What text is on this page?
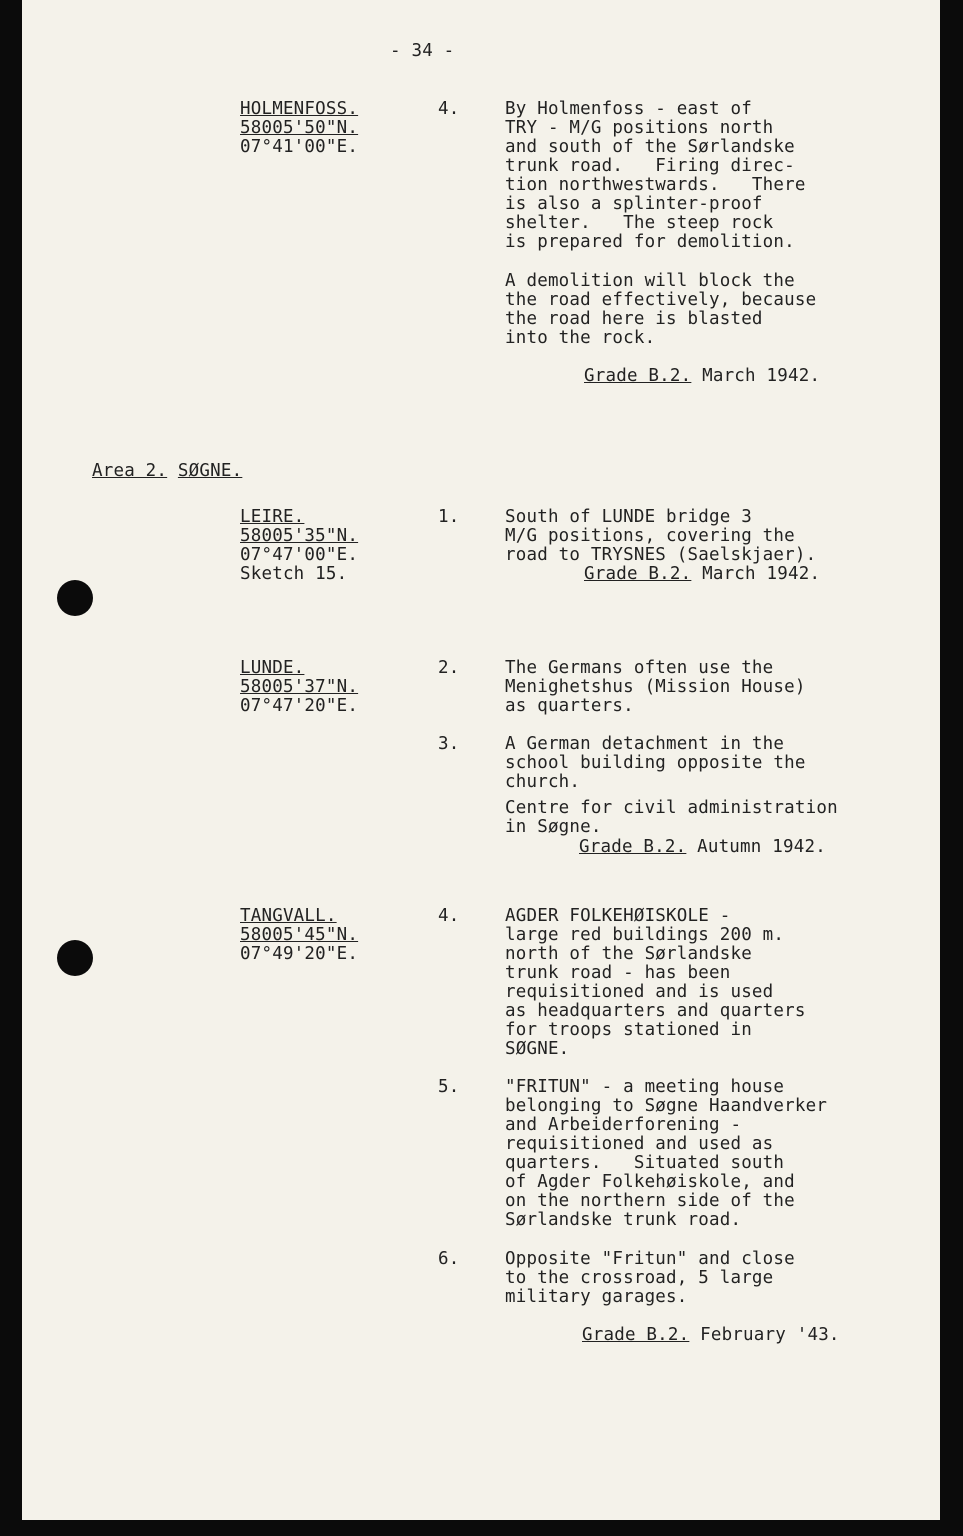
- 34 -
HOLMENFOSS.
58005'50"N.
07°41'00"E.
4.	By Holmenfoss - east of
TRY - M/G positions north
and south of the Sørlandske
trunk road.   Firing direc-
tion northwestwards.   There
is also a splinter-proof
shelter.   The steep rock
is prepared for demolition.
A demolition will block the
the road effectively, because
the road here is blasted
into the rock.
Grade B.2. March 1942.
Area 2. SØGNE.
LEIRE.
58005'35"N.
07°47'00"E.
Sketch 15.
1.	South of LUNDE bridge 3
M/G positions, covering the
road to TRYSNES (Saelskjaer).
Grade B.2. March 1942.
LUNDE.
58005'37"N.
07°47'20"E.
2.	The Germans often use the
Menighetshus (Mission House)
as quarters.
3.	A German detachment in the
school building opposite the
church.
Centre for civil administration
in Søgne.
Grade B.2. Autumn 1942.
TANGVALL.
58005'45"N.
07°49'20"E.
4.	AGDER FOLKEHØISKOLE -
large red buildings 200 m.
north of the Sørlandske
trunk road - has been
requisitioned and is used
as headquarters and quarters
for troops stationed in
SØGNE.
5.	"FRITUN" - a meeting house
belonging to Søgne Haandverker
and Arbeiderforening -
requisitioned and used as
quarters.   Situated south
of Agder Folkehøiskole, and
on the northern side of the
Sørlandske trunk road.
6.	Opposite "Fritun" and close
to the crossroad, 5 large
military garages.
Grade B.2. February '43.
